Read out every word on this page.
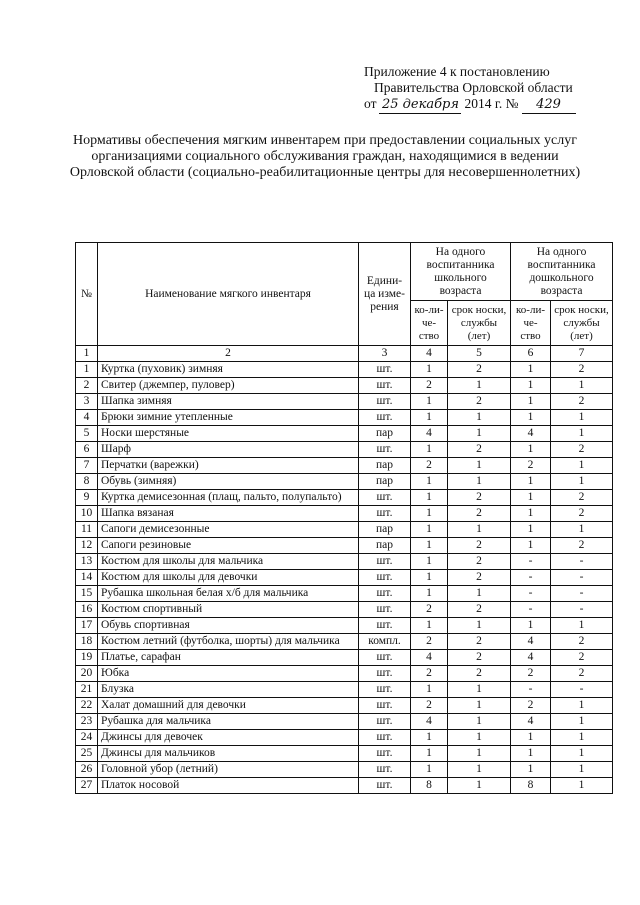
Приложение 4 к постановлению
Правительства Орловской области
от 25 декабря 2014 г. №	429
Нормативы обеспечения мягким инвентарем при предоставлении социальных услуг организациями социального обслуживания граждан, находящимися в ведении Орловской области (социально-реабилитационные центры для несовершеннолетних)
№	Наименование мягкого инвентаря	Едини-ца изме-рения	На одного воспитанника школьного возраста		На одного воспитанника дошкольного возраста	
			ко-ли-че-ство	срок носки, службы (лет)	ко-ли-че-ство	срок носки, службы (лет)
1	2	3	4	5	6	7
1	Куртка (пуховик) зимняя	шт.	1	2	1	2
2	Свитер (джемпер, пуловер)	шт.	2	1	1	1
3	Шапка зимняя	шт.	1	2	1	2
4	Брюки зимние утепленные	шт.	1	1	1	1
5	Носки шерстяные	пар	4	1	4	1
6	Шарф	шт.	1	2	1	2
7	Перчатки (варежки)	пар	2	1	2	1
8	Обувь (зимняя)	пар	1	1	1	1
9	Куртка демисезонная (плащ, пальто, полупальто)	шт.	1	2	1	2
10	Шапка вязаная	шт.	1	2	1	2
11	Сапоги демисезонные	пар	1	1	1	1
12	Сапоги резиновые	пар	1	2	1	2
13	Костюм для школы для мальчика	шт.	1	2	-	-
14	Костюм для школы для девочки	шт.	1	2	-	-
15	Рубашка школьная белая х/б для мальчика	шт.	1	1	-	-
16	Костюм спортивный	шт.	2	2	-	-
17	Обувь спортивная	шт.	1	1	1	1
18	Костюм летний (футболка, шорты) для мальчика	компл.	2	2	4	2
19	Платье, сарафан	шт.	4	2	4	2
20	Юбка	шт.	2	2	2	2
21	Блузка	шт.	1	1	-	-
22	Халат домашний для девочки	шт.	2	1	2	1
23	Рубашка для мальчика	шт.	4	1	4	1
24	Джинсы для девочек	шт.	1	1	1	1
25	Джинсы для мальчиков	шт.	1	1	1	1
26	Головной убор (летний)	шт.	1	1	1	1
27	Платок носовой	шт.	8	1	8	1
